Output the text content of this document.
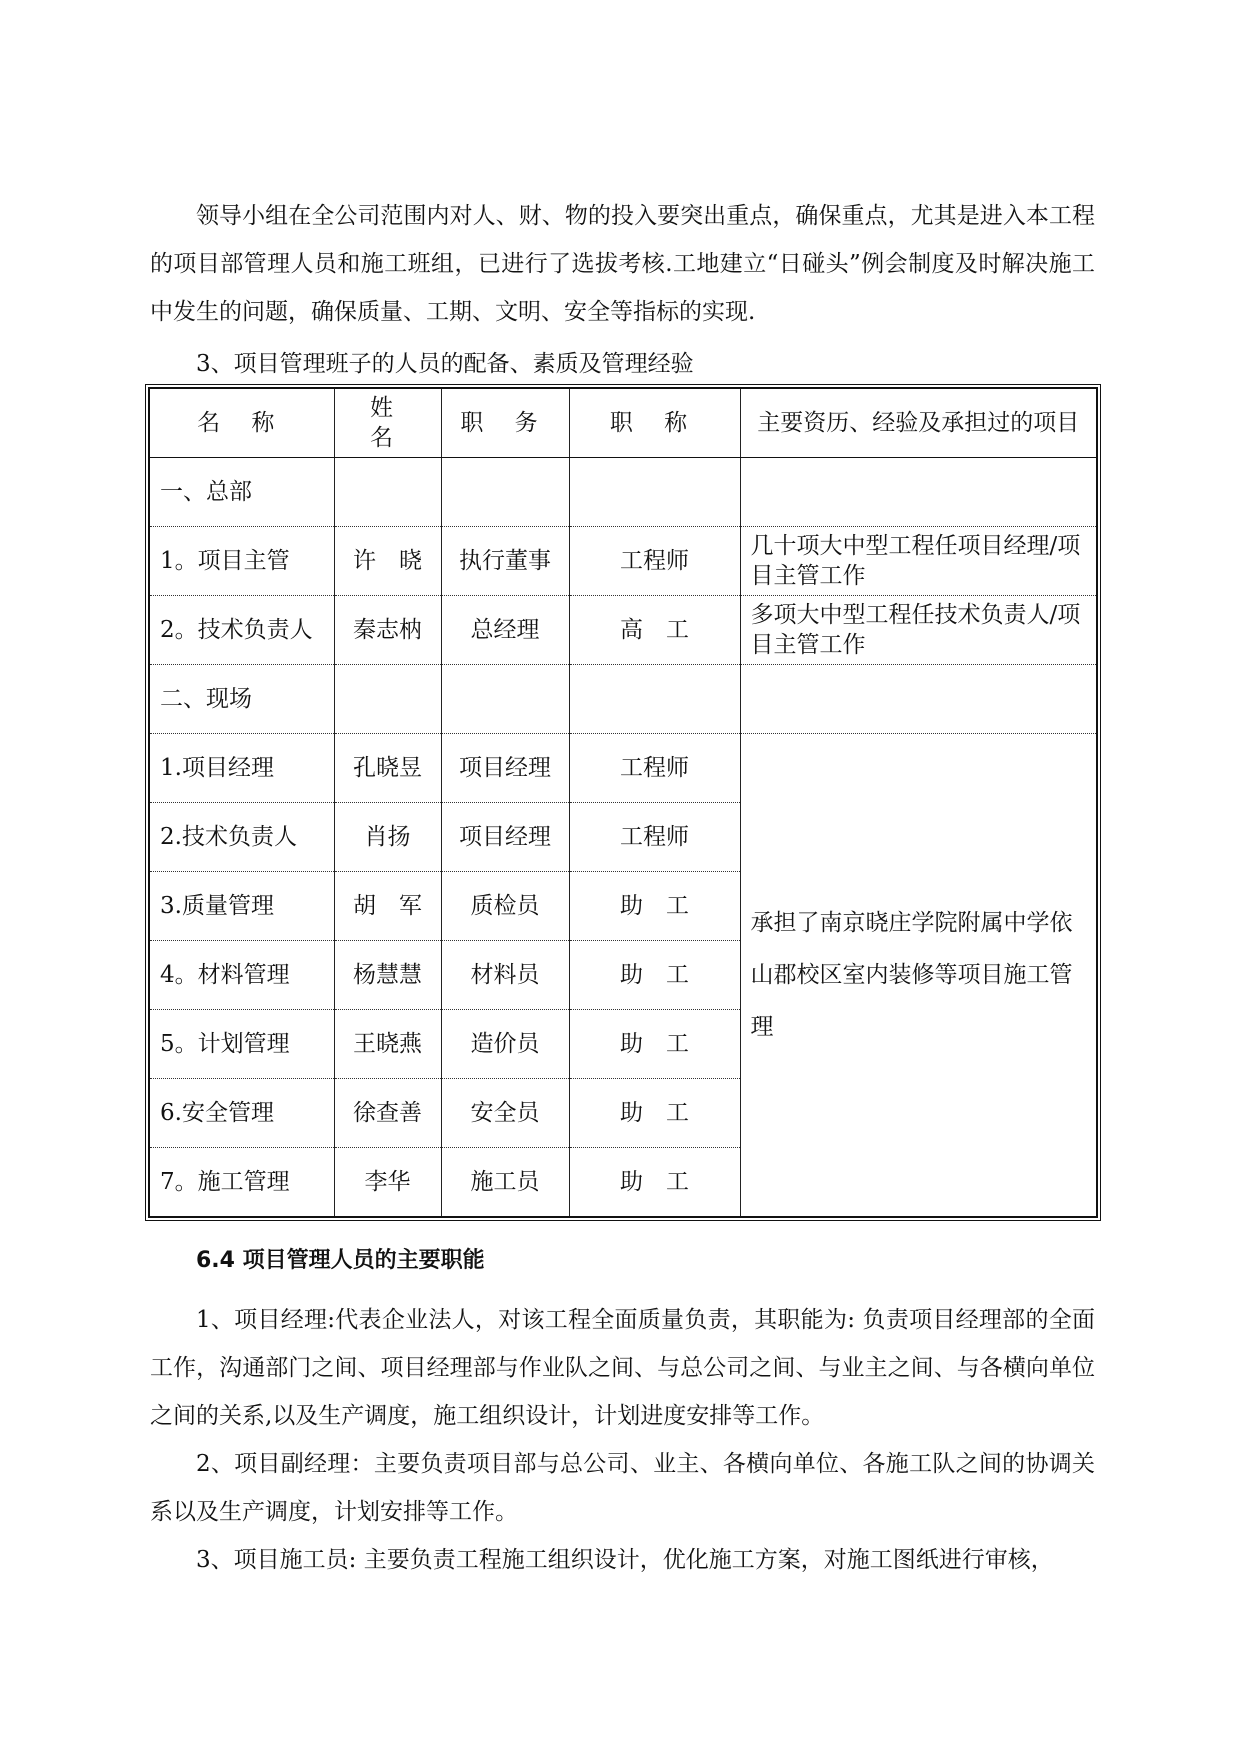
领导小组在全公司范围内对人、财、物的投入要突出重点，确保重点，尤其是进入本工程的项目部管理人员和施工班组，已进行了选拔考核.工地建立“日碰头”例会制度及时解决施工中发生的问题，确保质量、工期、文明、安全等指标的实现.

3、项目管理班子的人员的配备、素质及管理经验

名 称	姓 名	职 务	职 称	主要资历、经验及承担过的项目
一、总部				
1。项目主管	许　晓	执行董事	工程师	几十项大中型工程任项目经理/项目主管工作
2。技术负责人	秦志枘	总经理	高　工	多项大中型工程任技术负责人/项目主管工作
二、现场				
1.项目经理	孔晓昱	项目经理	工程师	承担了南京晓庄学院附属中学依山郡校区室内装修等项目施工管理
2.技术负责人	肖扬	项目经理	工程师	
3.质量管理	胡　军	质检员	助　工	
4。材料管理	杨慧慧	材料员	助　工	
5。计划管理	王晓燕	造价员	助　工	
6.安全管理	徐查善	安全员	助　工	
7。施工管理	李华	施工员	助　工	

6.4 项目管理人员的主要职能

1、项目经理:代表企业法人，对该工程全面质量负责，其职能为: 负责项目经理部的全面工作，沟通部门之间、项目经理部与作业队之间、与总公司之间、与业主之间、与各横向单位之间的关系,以及生产调度，施工组织设计，计划进度安排等工作。

2、项目副经理：主要负责项目部与总公司、业主、各横向单位、各施工队之间的协调关系以及生产调度，计划安排等工作。

3、项目施工员: 主要负责工程施工组织设计，优化施工方案，对施工图纸进行审核，
